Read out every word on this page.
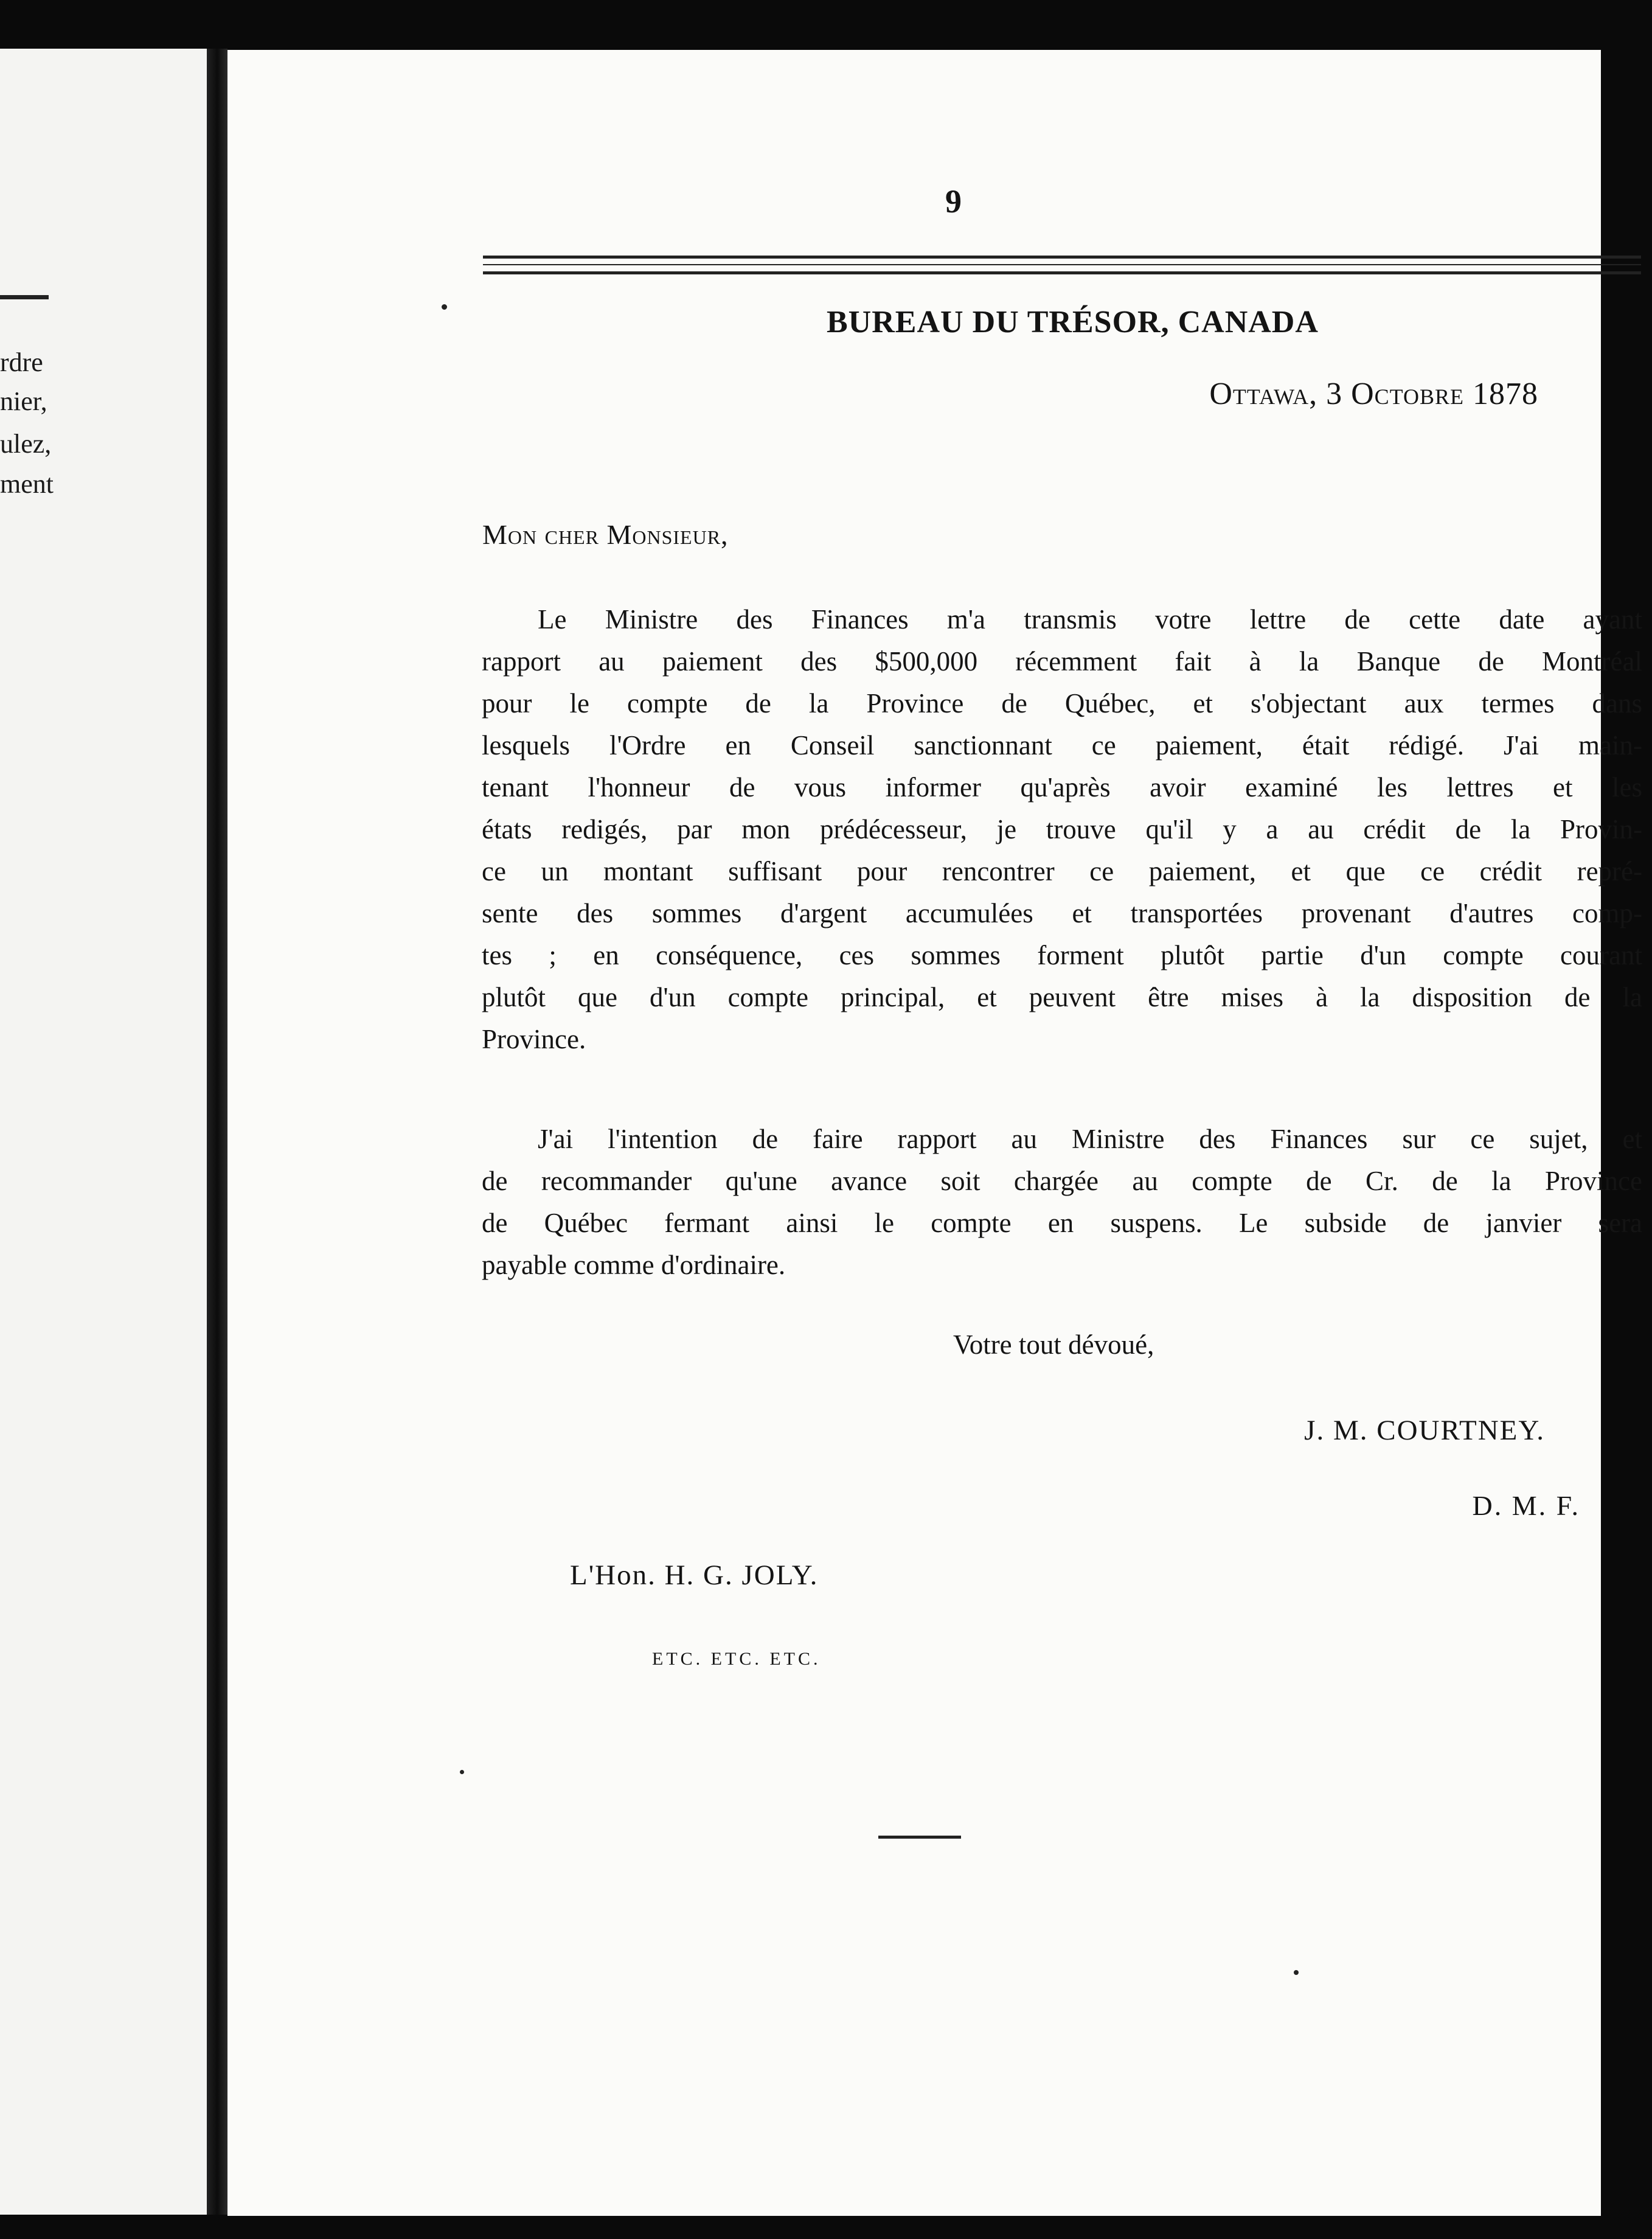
rdre
nier,
ulez,
ment
9
BUREAU DU TRÉSOR, CANADA
Ottawa, 3 Octobre 1878
Mon cher Monsieur,
Le Ministre des Finances m'a transmis votre lettre de cette date ayant
rapport au paiement des $500,000 récemment fait à la Banque de Montréal
pour le compte de la Province de Québec, et s'objectant aux termes dans
lesquels l'Ordre en Conseil sanctionnant ce paiement, était rédigé. J'ai main-
tenant l'honneur de vous informer qu'après avoir examiné les lettres et les
états redigés, par mon prédécesseur, je trouve qu'il y a au crédit de la Provin-
ce un montant suffisant pour rencontrer ce paiement, et que ce crédit repré-
sente des sommes d'argent accumulées et transportées provenant d'autres comp-
tes ; en conséquence, ces sommes forment plutôt partie d'un compte courant
plutôt que d'un compte principal, et peuvent être mises à la disposition de la
Province.
J'ai l'intention de faire rapport au Ministre des Finances sur ce sujet, et
de recommander qu'une avance soit chargée au compte de Cr. de la Province
de Québec fermant ainsi le compte en suspens. Le subside de janvier sera
payable comme d'ordinaire.
Votre tout dévoué,
J. M. COURTNEY.
D. M. F.
L'Hon. H. G. JOLY.
ETC. ETC. ETC.
